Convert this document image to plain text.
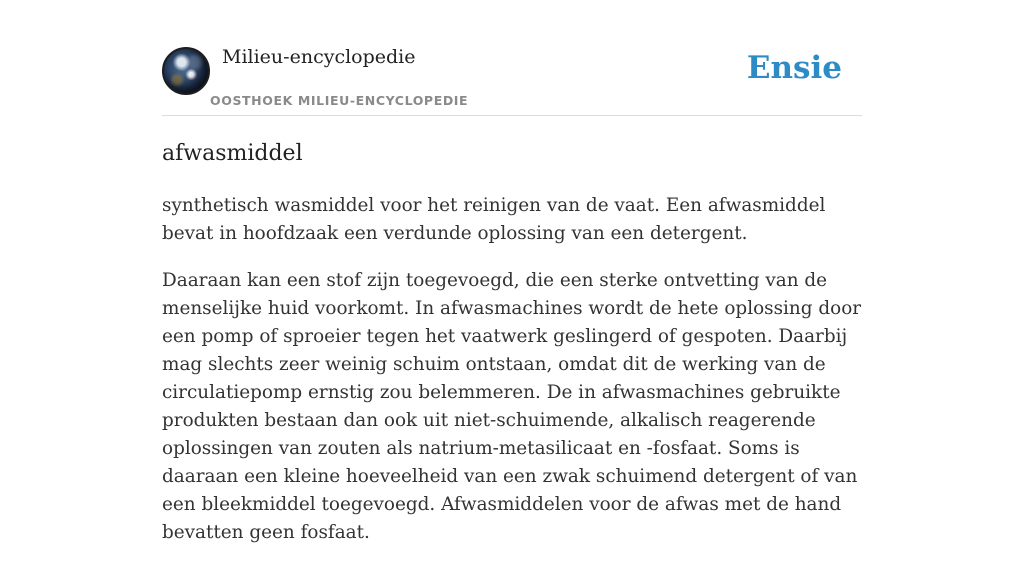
Milieu-encyclopedie
OOSTHOEK MILIEU-ENCYCLOPEDIE
Ensie
afwasmiddel

synthetisch wasmiddel voor het reinigen van de vaat. Een afwasmiddel bevat in hoofdzaak een verdunde oplossing van een detergent.

Daaraan kan een stof zijn toegevoegd, die een sterke ontvetting van de menselijke huid voorkomt. In afwasmachines wordt de hete oplossing door een pomp of sproeier tegen het vaatwerk geslingerd of gespoten. Daarbij mag slechts zeer weinig schuim ontstaan, omdat dit de werking van de circulatiepomp ernstig zou belemmeren. De in afwasmachines gebruikte produkten bestaan dan ook uit niet-schuimende, alkalisch reagerende oplossingen van zouten als natrium-metasilicaat en -fosfaat. Soms is daaraan een kleine hoeveelheid van een zwak schuimend detergent of van een bleekmiddel toegevoegd. Afwasmiddelen voor de afwas met de hand bevatten geen fosfaat.
